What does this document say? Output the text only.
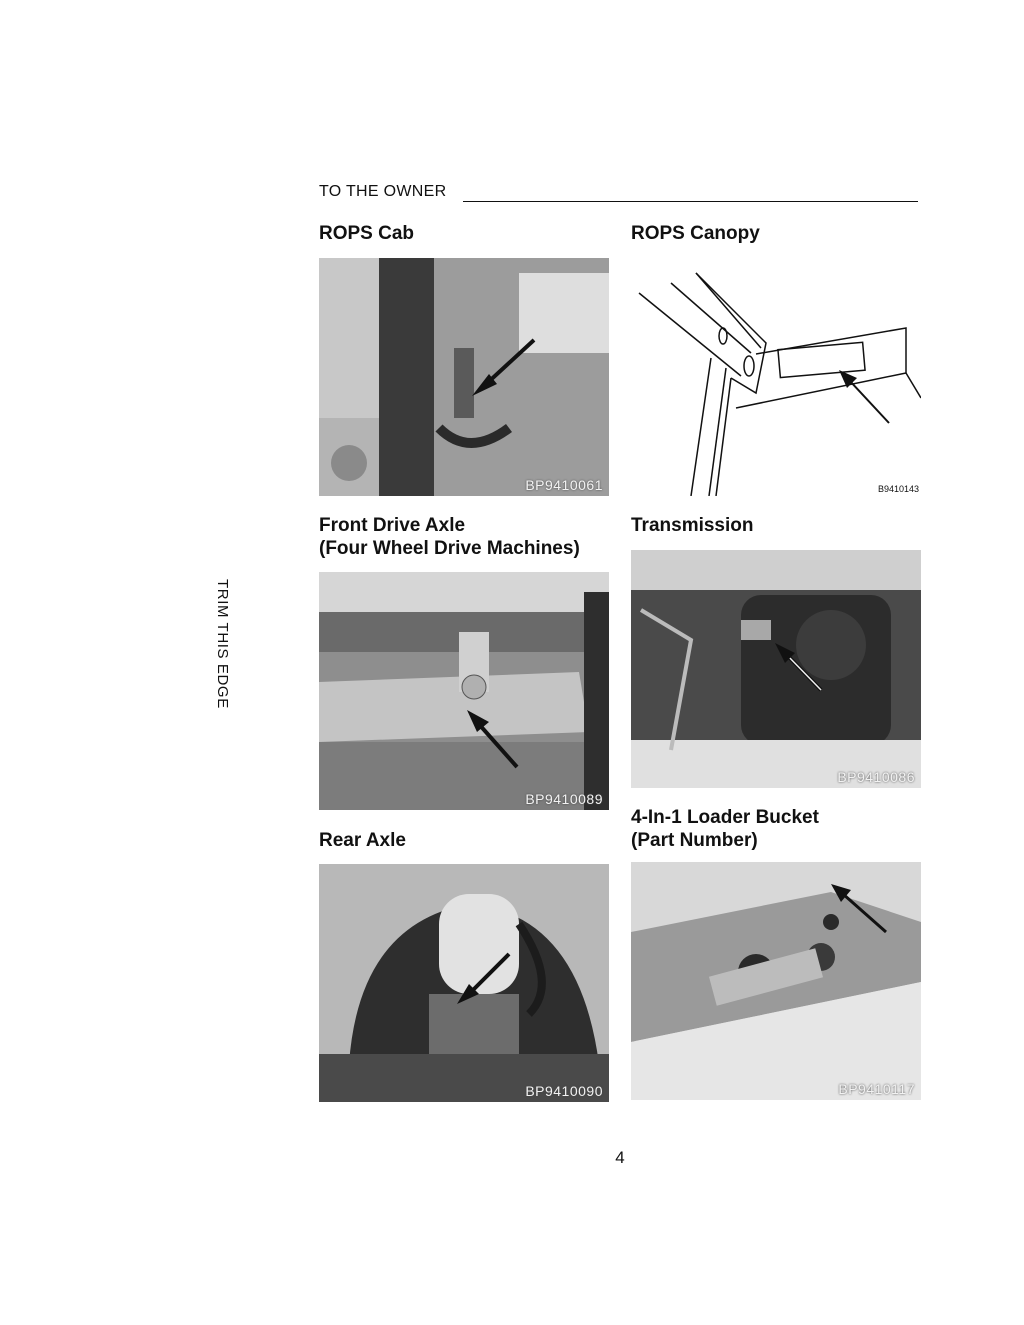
TO THE OWNER
TRIM THIS EDGE
ROPS Cab
BP9410061
ROPS Canopy
B9410143
Front Drive Axle
(Four Wheel Drive Machines)
BP9410089
Transmission
BP9410086
Rear Axle
BP9410090
4-In-1 Loader Bucket
(Part Number)
BP9410117
4
